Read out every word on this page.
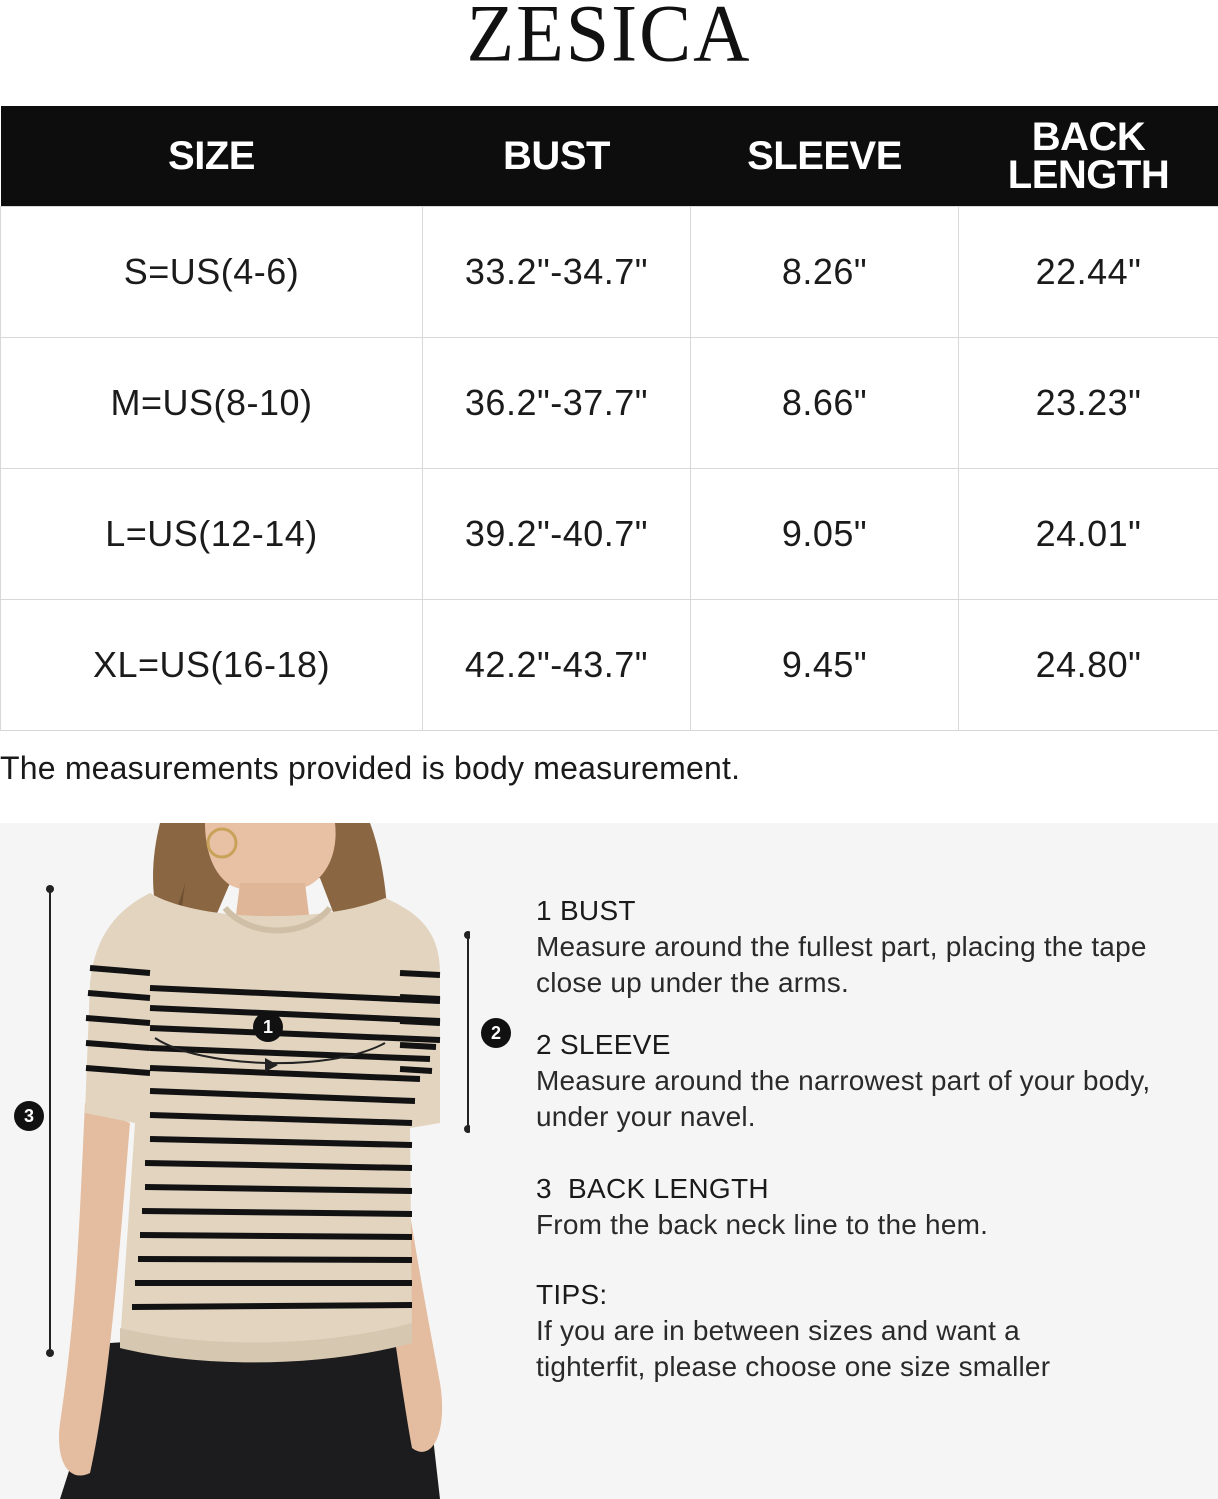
ZESICA
SIZE	BUST	SLEEVE	BACK
LENGTH
S=US(4-6)	33.2"-34.7"	8.26"	22.44"
M=US(8-10)	36.2"-37.7"	8.66"	23.23"
L=US(12-14)	39.2"-40.7"	9.05"	24.01"
XL=US(16-18)	42.2"-43.7"	9.45"	24.80"
The measurements provided is body measurement.
1	2
3
1 BUST
Measure around the fullest part, placing the tape close up under the arms.
2 SLEEVE
Measure around the narrowest part of your body, under your navel.
3  BACK LENGTH
From the back neck line to the hem.
TIPS:
If you are in between sizes and want a tighterfit, please choose one size smaller
